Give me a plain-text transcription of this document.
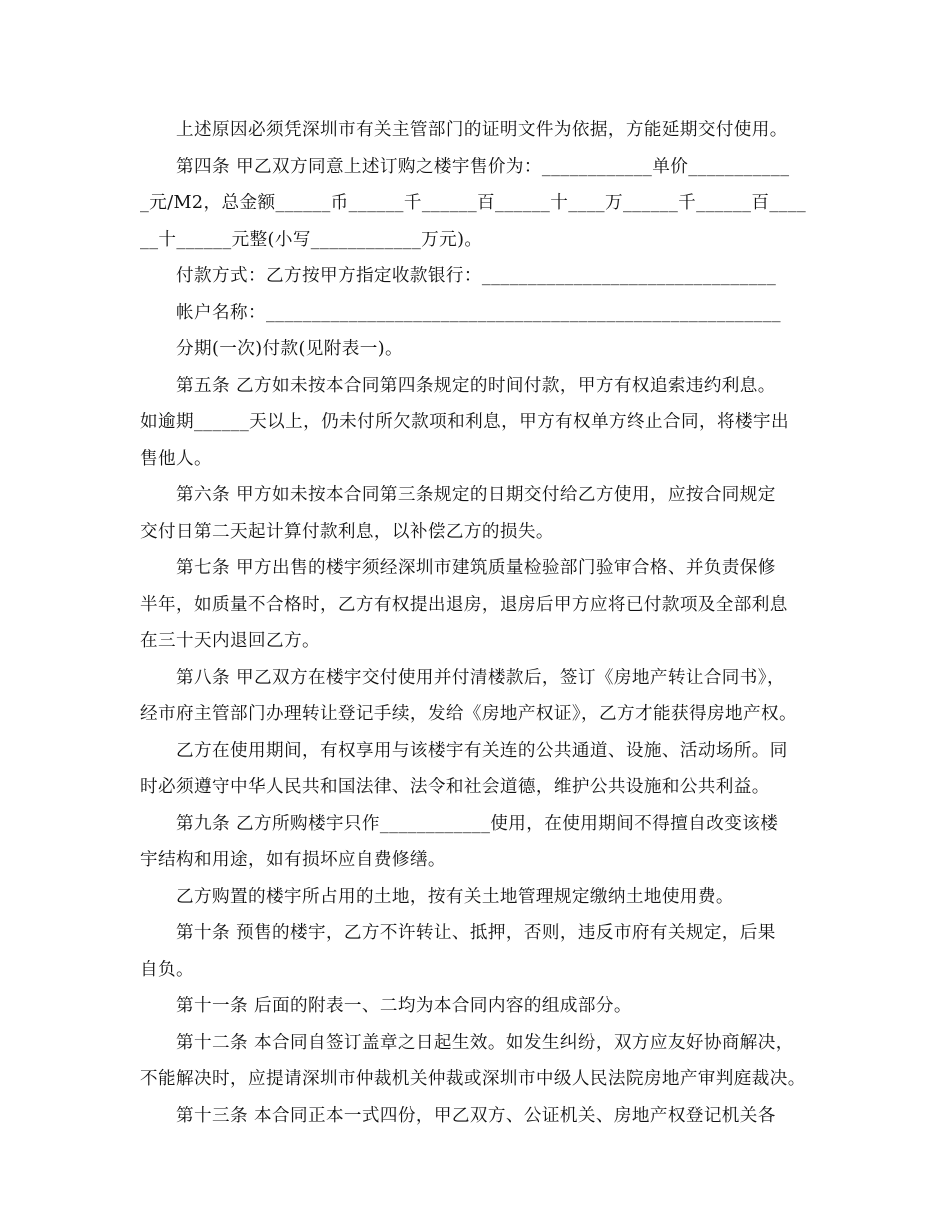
上述原因必须凭深圳市有关主管部门的证明文件为依据，方能延期交付使用。
第四条 甲乙双方同意上述订购之楼宇售价为：____________单价___________
_元/M2，总金额______币______千______百______十____万______千______百____
__十______元整(小写____________万元)。
付款方式：乙方按甲方指定收款银行：________________________________
帐户名称：________________________________________________________
分期(一次)付款(见附表一)。
第五条 乙方如未按本合同第四条规定的时间付款，甲方有权追索违约利息。
如逾期______天以上，仍未付所欠款项和利息，甲方有权单方终止合同，将楼宇出
售他人。
第六条 甲方如未按本合同第三条规定的日期交付给乙方使用，应按合同规定
交付日第二天起计算付款利息，以补偿乙方的损失。
第七条 甲方出售的楼宇须经深圳市建筑质量检验部门验审合格、并负责保修
半年，如质量不合格时，乙方有权提出退房，退房后甲方应将已付款项及全部利息
在三十天内退回乙方。
第八条 甲乙双方在楼宇交付使用并付清楼款后，签订《房地产转让合同书》，
经市府主管部门办理转让登记手续，发给《房地产权证》，乙方才能获得房地产权。
乙方在使用期间，有权享用与该楼宇有关连的公共通道、设施、活动场所。同
时必须遵守中华人民共和国法律、法令和社会道德，维护公共设施和公共利益。
第九条 乙方所购楼宇只作____________使用，在使用期间不得擅自改变该楼
宇结构和用途，如有损坏应自费修缮。
乙方购置的楼宇所占用的土地，按有关土地管理规定缴纳土地使用费。
第十条 预售的楼宇，乙方不许转让、抵押，否则，违反市府有关规定，后果
自负。
第十一条 后面的附表一、二均为本合同内容的组成部分。
第十二条 本合同自签订盖章之日起生效。如发生纠纷，双方应友好协商解决，
不能解决时，应提请深圳市仲裁机关仲裁或深圳市中级人民法院房地产审判庭裁决。
第十三条 本合同正本一式四份，甲乙双方、公证机关、房地产权登记机关各
